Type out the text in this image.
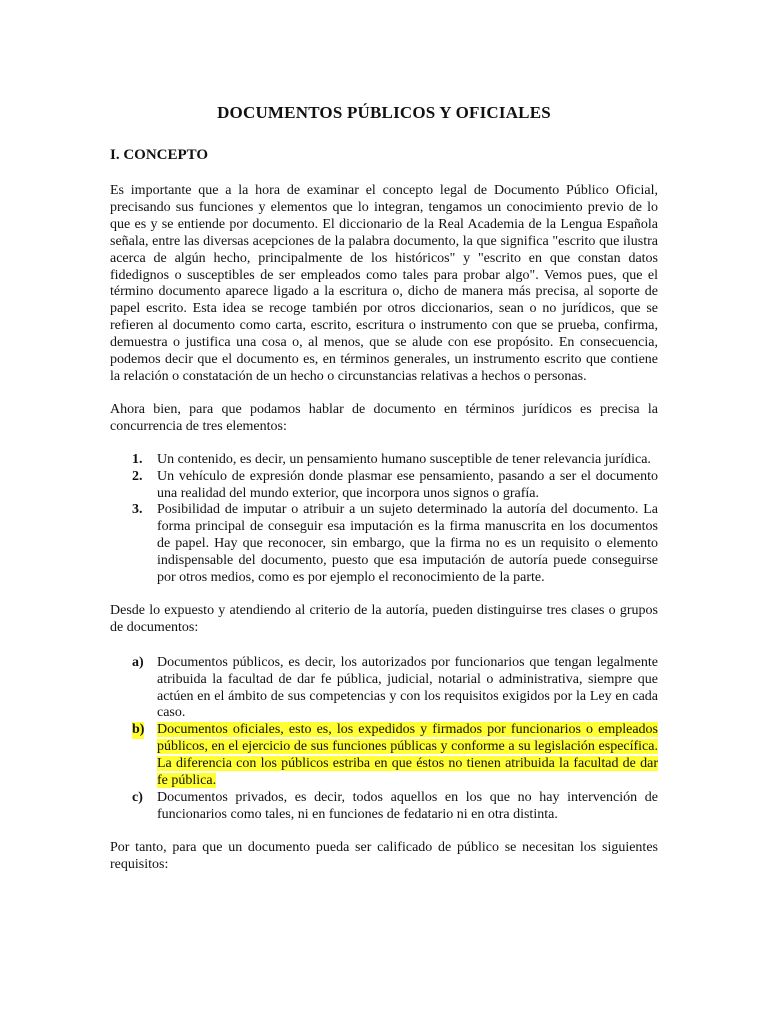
DOCUMENTOS PÚBLICOS Y OFICIALES
I. CONCEPTO

Es importante que a la hora de examinar el concepto legal de Documento Público Oficial, precisando sus funciones y elementos que lo integran, tengamos un conocimiento previo de lo que es y se entiende por documento. El diccionario de la Real Academia de la Lengua Española señala, entre las diversas acepciones de la palabra documento, la que significa "escrito que ilustra acerca de algún hecho, principalmente de los históricos" y "escrito en que constan datos fidedignos o susceptibles de ser empleados como tales para probar algo". Vemos pues, que el término documento aparece ligado a la escritura o, dicho de manera más precisa, al soporte de papel escrito. Esta idea se recoge también por otros diccionarios, sean o no jurídicos, que se refieren al documento como carta, escrito, escritura o instrumento con que se prueba, confirma, demuestra o justifica una cosa o, al menos, que se alude con ese propósito. En consecuencia, podemos decir que el documento es, en términos generales, un instrumento escrito que contiene la relación o constatación de un hecho o circunstancias relativas a hechos o personas.

Ahora bien, para que podamos hablar de documento en términos jurídicos es precisa la concurrencia de tres elementos:

1. Un contenido, es decir, un pensamiento humano susceptible de tener relevancia jurídica.
2. Un vehículo de expresión donde plasmar ese pensamiento, pasando a ser el documento una realidad del mundo exterior, que incorpora unos signos o grafía.
3. Posibilidad de imputar o atribuir a un sujeto determinado la autoría del documento. La forma principal de conseguir esa imputación es la firma manuscrita en los documentos de papel. Hay que reconocer, sin embargo, que la firma no es un requisito o elemento indispensable del documento, puesto que esa imputación de autoría puede conseguirse por otros medios, como es por ejemplo el reconocimiento de la parte.

Desde lo expuesto y atendiendo al criterio de la autoría, pueden distinguirse tres clases o grupos de documentos:

a) Documentos públicos, es decir, los autorizados por funcionarios que tengan legalmente atribuida la facultad de dar fe pública, judicial, notarial o administrativa, siempre que actúen en el ámbito de sus competencias y con los requisitos exigidos por la Ley en cada caso.
b) Documentos oficiales, esto es, los expedidos y firmados por funcionarios o empleados públicos, en el ejercicio de sus funciones públicas y conforme a su legislación específica. La diferencia con los públicos estriba en que éstos no tienen atribuida la facultad de dar fe pública.
c) Documentos privados, es decir, todos aquellos en los que no hay intervención de funcionarios como tales, ni en funciones de fedatario ni en otra distinta.

Por tanto, para que un documento pueda ser calificado de público se necesitan los siguientes requisitos:
